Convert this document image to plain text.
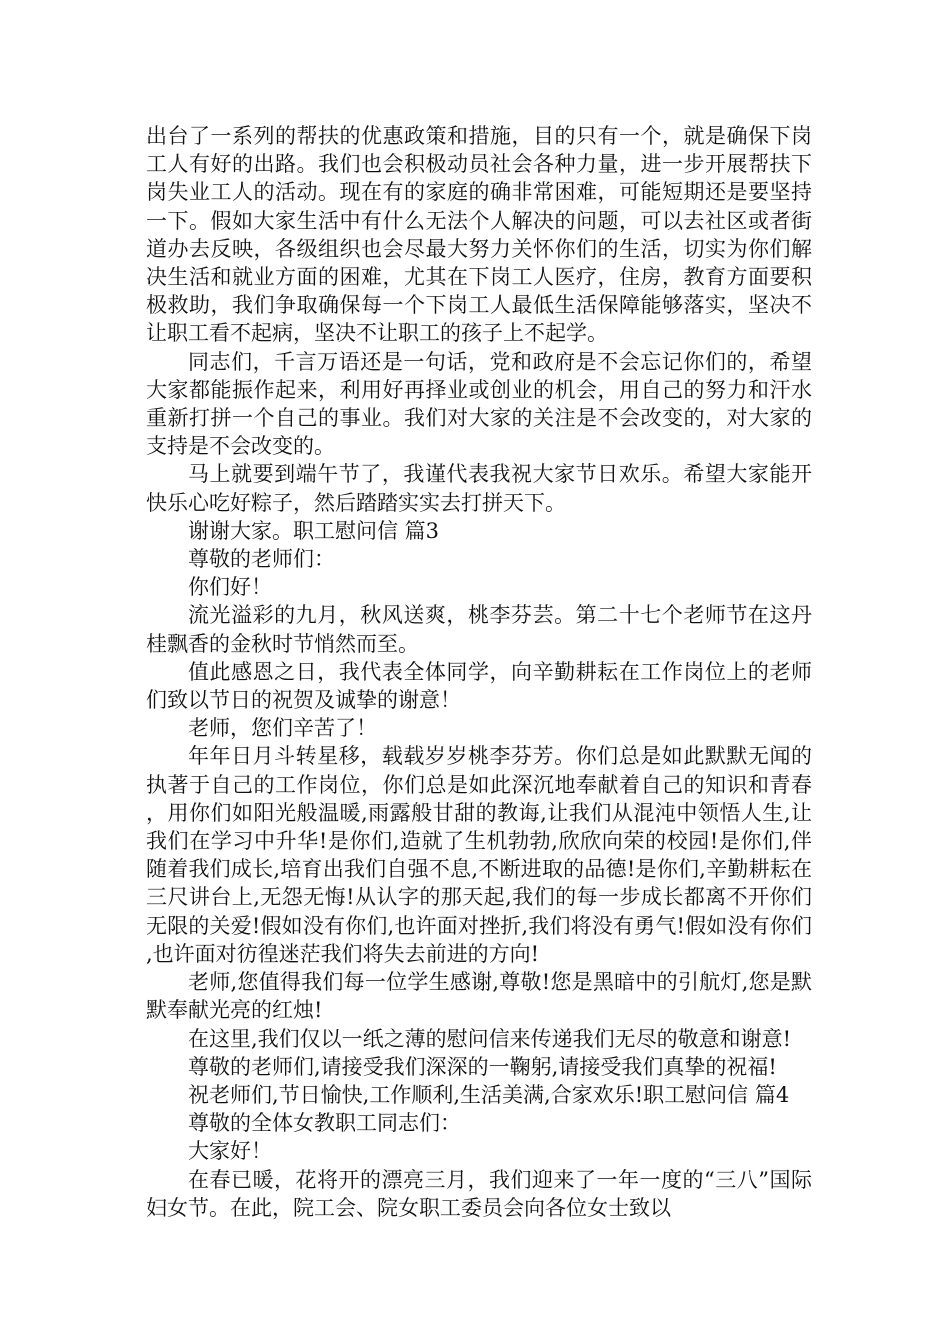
出台了一系列的帮扶的优惠政策和措施，目的只有一个，就是确保下岗工人有好的出路。我们也会积极动员社会各种力量，进一步开展帮扶下岗失业工人的活动。现在有的家庭的确非常困难，可能短期还是要坚持一下。假如大家生活中有什么无法个人解决的问题，可以去社区或者街道办去反映，各级组织也会尽最大努力关怀你们的生活，切实为你们解决生活和就业方面的困难，尤其在下岗工人医疗，住房，教育方面要积极救助，我们争取确保每一个下岗工人最低生活保障能够落实，坚决不让职工看不起病，坚决不让职工的孩子上不起学。

同志们，千言万语还是一句话，党和政府是不会忘记你们的，希望大家都能振作起来，利用好再择业或创业的机会，用自己的努力和汗水重新打拼一个自己的事业。我们对大家的关注是不会改变的，对大家的支持是不会改变的。

马上就要到端午节了，我谨代表我祝大家节日欢乐。希望大家能开快乐心吃好粽子，然后踏踏实实去打拼天下。

谢谢大家。职工慰问信 篇3

尊敬的老师们：

你们好！

流光溢彩的九月，秋风送爽，桃李芬芸。第二十七个老师节在这丹桂飘香的金秋时节悄然而至。

值此感恩之日，我代表全体同学，向辛勤耕耘在工作岗位上的老师们致以节日的祝贺及诚挚的谢意！

老师，您们辛苦了！

年年日月斗转星移，载载岁岁桃李芬芳。你们总是如此默默无闻的执著于自己的工作岗位，你们总是如此深沉地奉献着自己的知识和青春，用你们如阳光般温暖,雨露般甘甜的教诲,让我们从混沌中领悟人生,让我们在学习中升华!是你们,造就了生机勃勃,欣欣向荣的校园!是你们,伴随着我们成长,培育出我们自强不息,不断进取的品德!是你们,辛勤耕耘在三尺讲台上,无怨无悔!从认字的那天起,我们的每一步成长都离不开你们无限的关爱!假如没有你们,也许面对挫折,我们将没有勇气!假如没有你们,也许面对彷徨迷茫我们将失去前进的方向!

老师,您值得我们每一位学生感谢,尊敬!您是黑暗中的引航灯,您是默默奉献光亮的红烛!

在这里,我们仅以一纸之薄的慰问信来传递我们无尽的敬意和谢意!

尊敬的老师们,请接受我们深深的一鞠躬,请接受我们真挚的祝福!

祝老师们,节日愉快,工作顺利,生活美满,合家欢乐!职工慰问信 篇4

尊敬的全体女教职工同志们：

大家好！

在春已暖，花将开的漂亮三月，我们迎来了一年一度的“三八”国际妇女节。在此，院工会、院女职工委员会向各位女士致以
